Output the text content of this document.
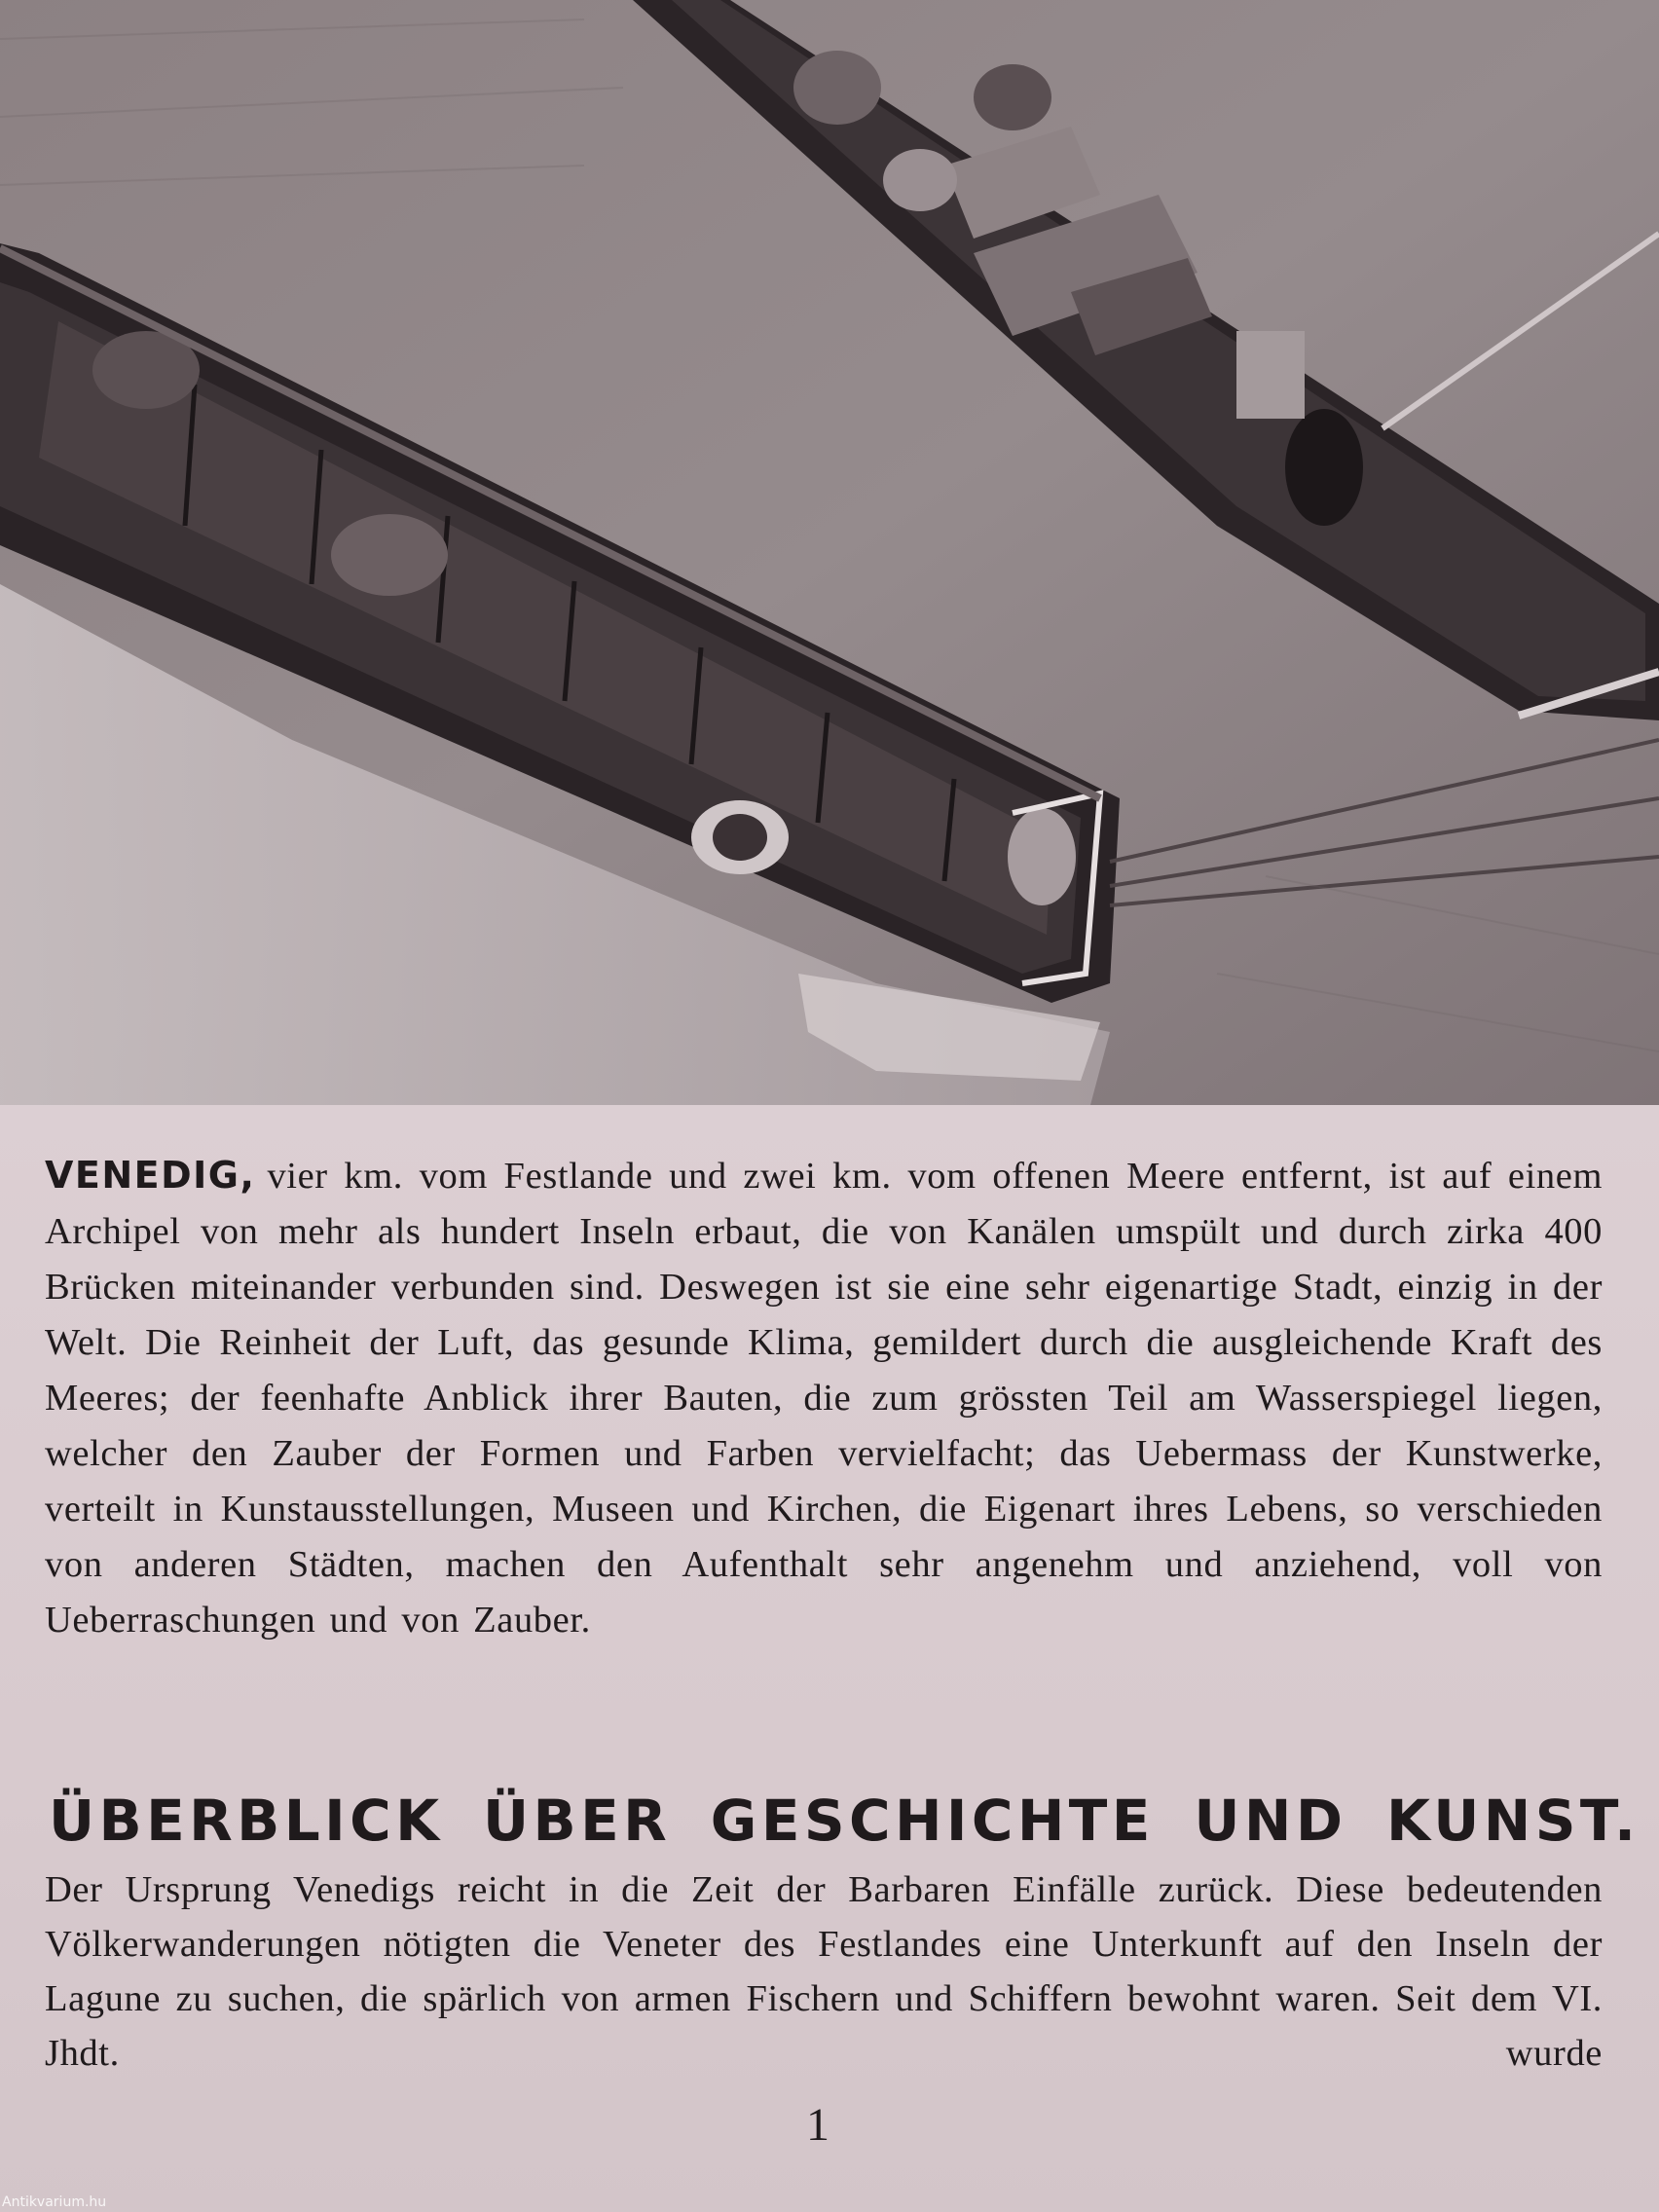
VENEDIG, vier km. vom Festlande und zwei km. vom offenen Meere entfernt, ist auf einem Archipel von mehr als hundert Inseln erbaut, die von Kanälen umspült und durch zirka 400 Brücken miteinander verbunden sind. Deswegen ist sie eine sehr eigenartige Stadt, einzig in der Welt. Die Reinheit der Luft, das gesunde Klima, gemildert durch die ausgleichende Kraft des Meeres; der feenhafte Anblick ihrer Bauten, die zum grössten Teil am Wasserspiegel liegen, welcher den Zauber der Formen und Farben vervielfacht; das Uebermass der Kunstwerke, verteilt in Kunstausstellungen, Museen und Kirchen, die Eigenart ihres Lebens, so verschieden von anderen Städten, machen den Aufenthalt sehr angenehm und anziehend, voll von Ueberraschungen und von Zauber.

ÜBERBLICK ÜBER GESCHICHTE UND KUNST.

Der Ursprung Venedigs reicht in die Zeit der Barbaren Einfälle zurück. Diese bedeutenden Völkerwanderungen nötigten die Veneter des Festlandes eine Unterkunft auf den Inseln der Lagune zu suchen, die spärlich von armen Fischern und Schiffern bewohnt waren. Seit dem VI. Jhdt. wurde

1
Antikvarium.hu
